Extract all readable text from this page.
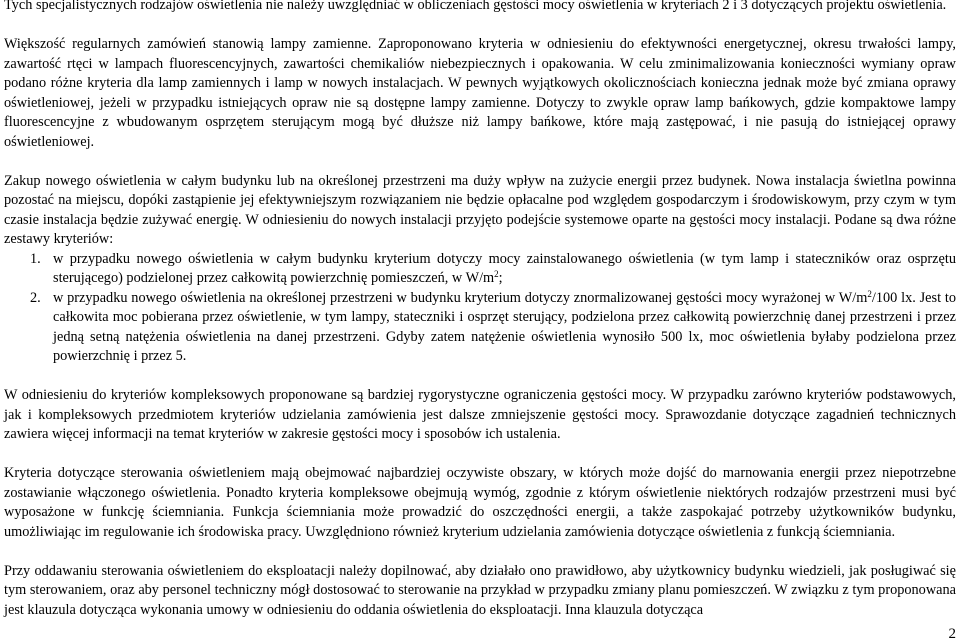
Tych specjalistycznych rodzajów oświetlenia nie należy uwzględniać w obliczeniach gęstości mocy oświetlenia w kryteriach 2 i 3 dotyczących projektu oświetlenia.

Większość regularnych zamówień stanowią lampy zamienne. Zaproponowano kryteria w odniesieniu do efektywności energetycznej, okresu trwałości lampy, zawartość rtęci w lampach fluorescencyjnych, zawartości chemikaliów niebezpiecznych i opakowania. W celu zminimalizowania konieczności wymiany opraw podano różne kryteria dla lamp zamiennych i lamp w nowych instalacjach. W pewnych wyjątkowych okolicznościach konieczna jednak może być zmiana oprawy oświetleniowej, jeżeli w przypadku istniejących opraw nie są dostępne lampy zamienne. Dotyczy to zwykle opraw lamp bańkowych, gdzie kompaktowe lampy fluorescencyjne z wbudowanym osprzętem sterującym mogą być dłuższe niż lampy bańkowe, które mają zastępować, i nie pasują do istniejącej oprawy oświetleniowej.

Zakup nowego oświetlenia w całym budynku lub na określonej przestrzeni ma duży wpływ na zużycie energii przez budynek. Nowa instalacja świetlna powinna pozostać na miejscu, dopóki zastąpienie jej efektywniejszym rozwiązaniem nie będzie opłacalne pod względem gospodarczym i środowiskowym, przy czym w tym czasie instalacja będzie zużywać energię. W odniesieniu do nowych instalacji przyjęto podejście systemowe oparte na gęstości mocy instalacji. Podane są dwa różne zestawy kryteriów:

1. w przypadku nowego oświetlenia w całym budynku kryterium dotyczy mocy zainstalowanego oświetlenia (w tym lamp i stateczników oraz osprzętu sterującego) podzielonej przez całkowitą powierzchnię pomieszczeń, w $W/m^2$;
2. w przypadku nowego oświetlenia na określonej przestrzeni w budynku kryterium dotyczy znormalizowanej gęstości mocy wyrażonej w $W/m^2/100$ lx. Jest to całkowita moc pobierana przez oświetlenie, w tym lampy, stateczniki i osprzęt sterujący, podzielona przez całkowitą powierzchnię danej przestrzeni i przez jedną setną natężenia oświetlenia na danej przestrzeni. Gdyby zatem natężenie oświetlenia wynosiło 500 lx, moc oświetlenia byłaby podzielona przez powierzchnię i przez 5.

W odniesieniu do kryteriów kompleksowych proponowane są bardziej rygorystyczne ograniczenia gęstości mocy. W przypadku zarówno kryteriów podstawowych, jak i kompleksowych przedmiotem kryteriów udzielania zamówienia jest dalsze zmniejszenie gęstości mocy. Sprawozdanie dotyczące zagadnień technicznych zawiera więcej informacji na temat kryteriów w zakresie gęstości mocy i sposobów ich ustalenia.

Kryteria dotyczące sterowania oświetleniem mają obejmować najbardziej oczywiste obszary, w których może dojść do marnowania energii przez niepotrzebne zostawianie włączonego oświetlenia. Ponadto kryteria kompleksowe obejmują wymóg, zgodnie z którym oświetlenie niektórych rodzajów przestrzeni musi być wyposażone w funkcję ściemniania. Funkcja ściemniania może prowadzić do oszczędności energii, a także zaspokajać potrzeby użytkowników budynku, umożliwiając im regulowanie ich środowiska pracy. Uwzględniono również kryterium udzielania zamówienia dotyczące oświetlenia z funkcją ściemniania.

Przy oddawaniu sterowania oświetleniem do eksploatacji należy dopilnować, aby działało ono prawidłowo, aby użytkownicy budynku wiedzieli, jak posługiwać się tym sterowaniem, oraz aby personel techniczny mógł dostosować to sterowanie na przykład w przypadku zmiany planu pomieszczeń. W związku z tym proponowana jest klauzula dotycząca wykonania umowy w odniesieniu do oddania oświetlenia do eksploatacji. Inna klauzula dotycząca

2
